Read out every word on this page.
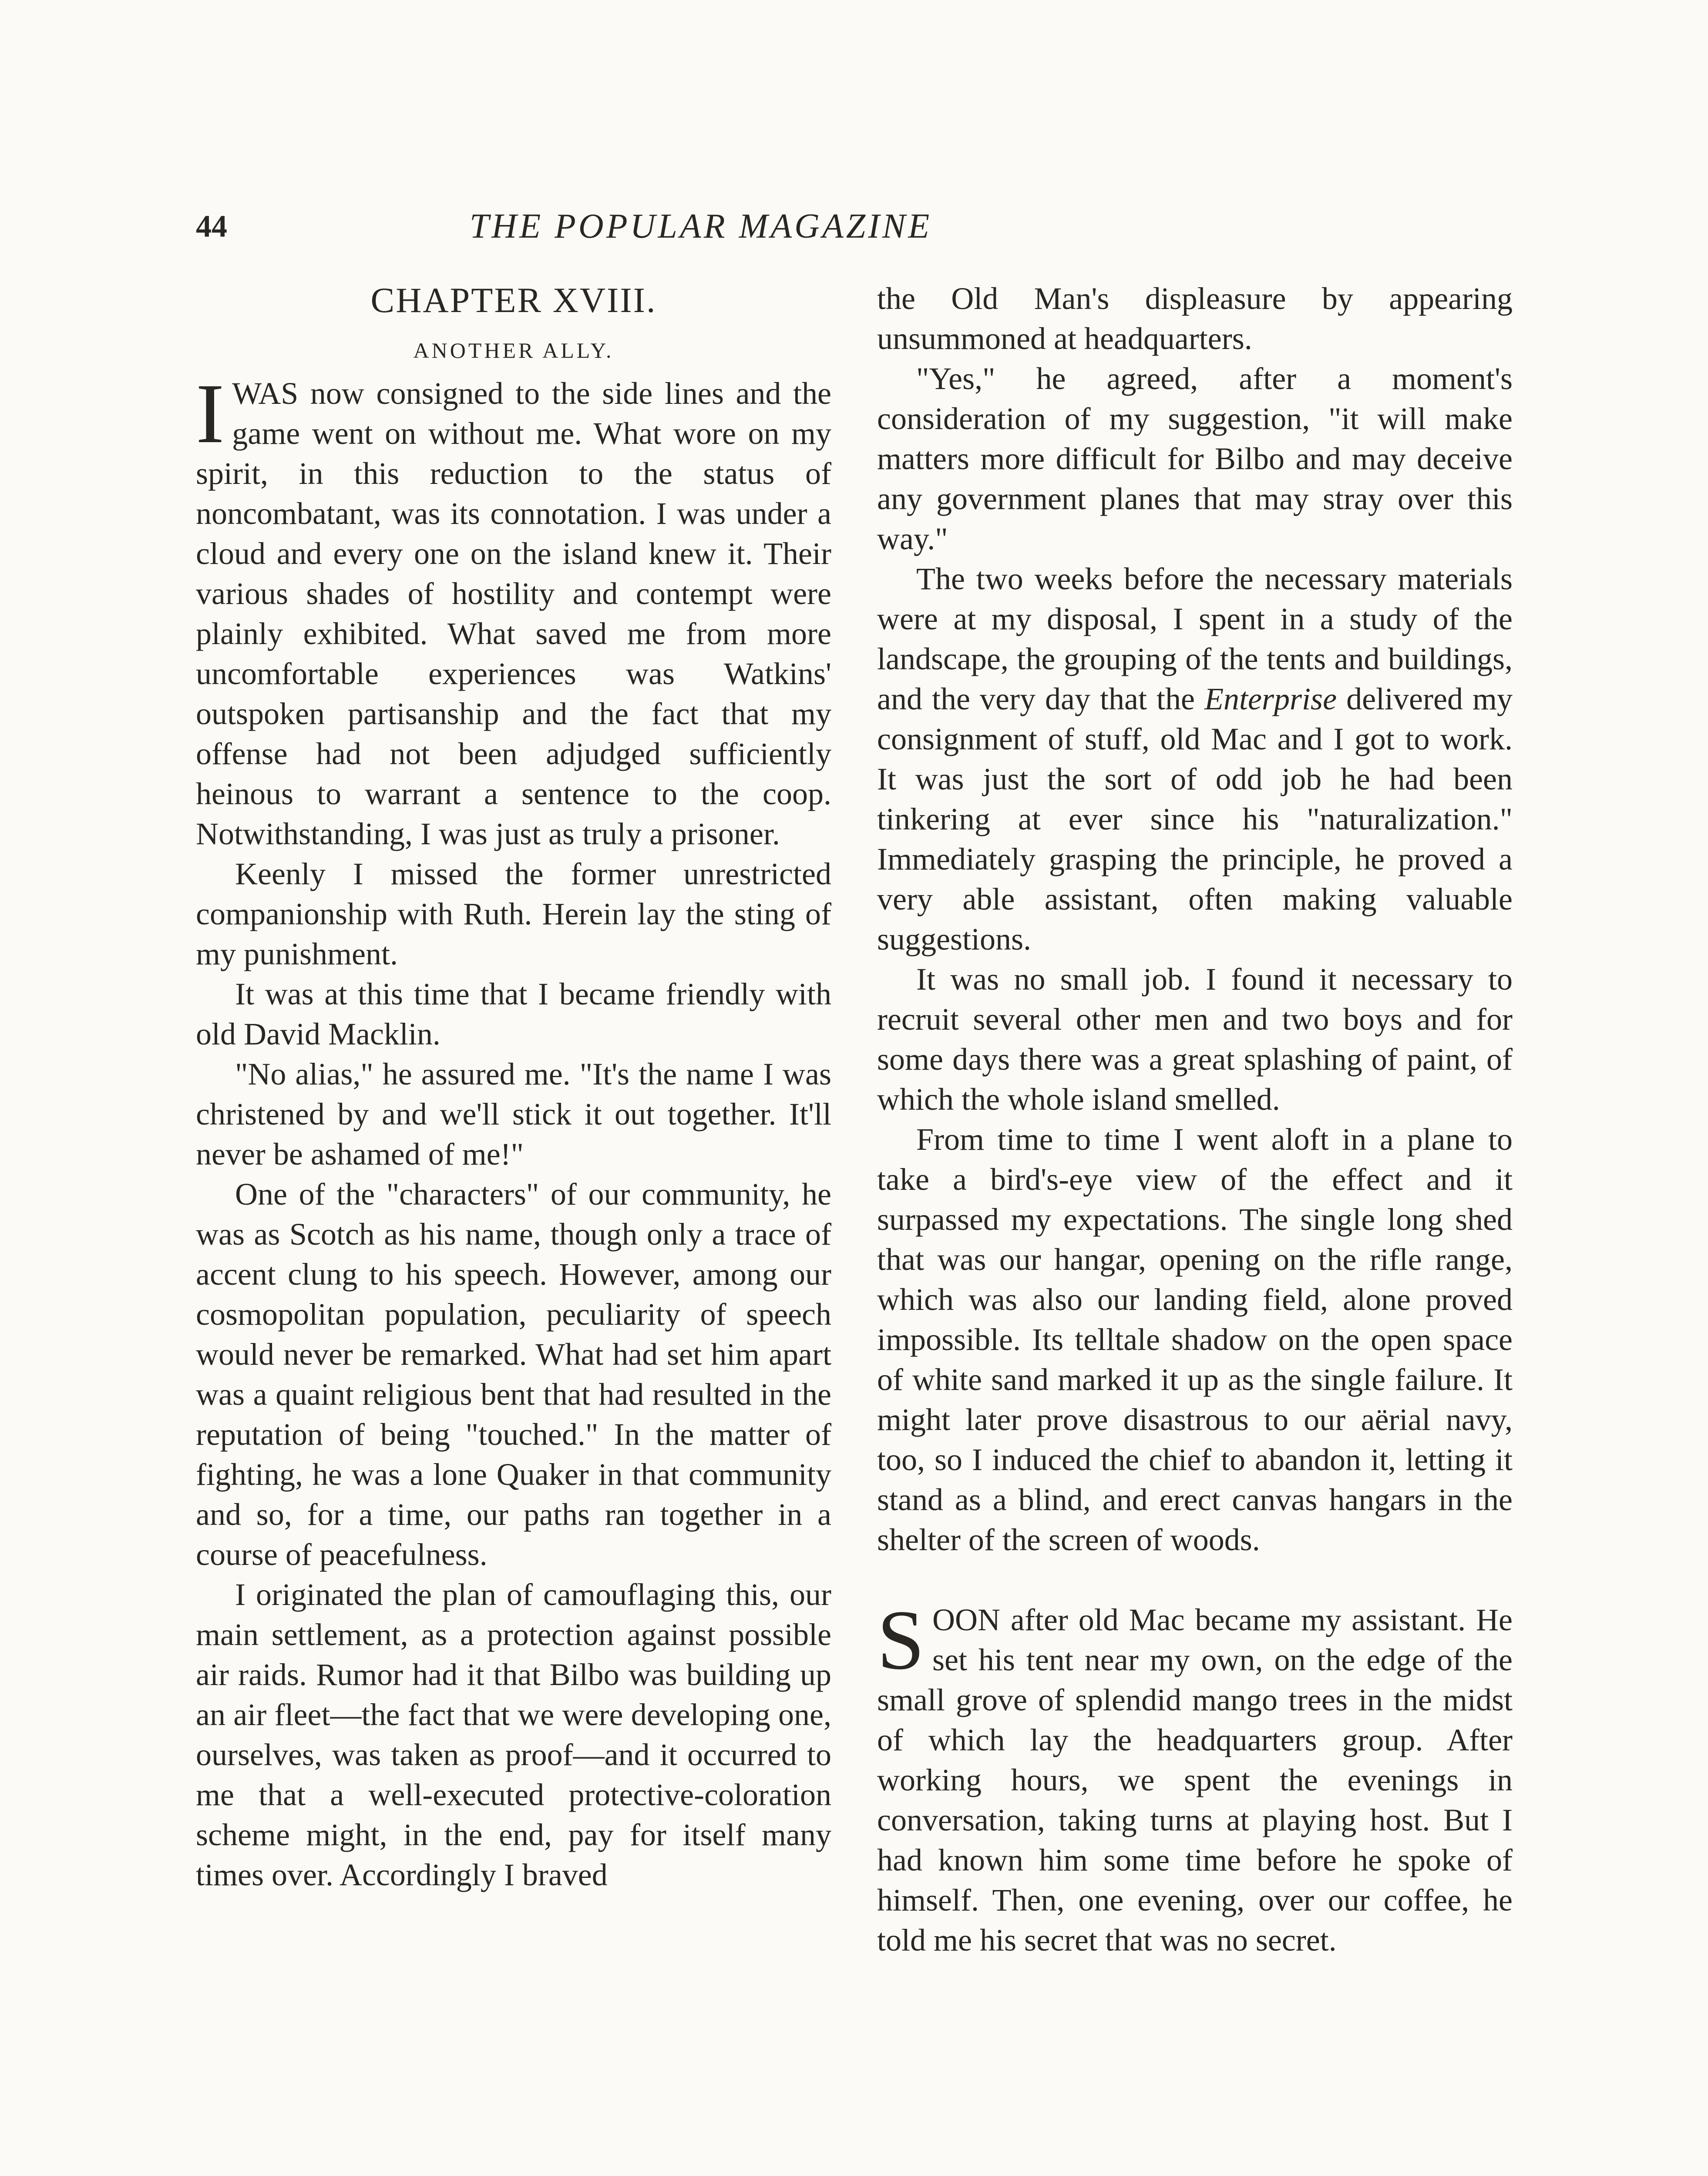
44	THE POPULAR MAGAZINE
CHAPTER XVIII.
ANOTHER ALLY.

IWAS now consigned to the side lines and the game went on without me. What wore on my spirit, in this reduction to the status of noncombatant, was its connotation. I was under a cloud and every one on the island knew it. Their various shades of hostility and contempt were plainly exhibited. What saved me from more uncomfortable experiences was Watkins' outspoken partisanship and the fact that my offense had not been adjudged sufficiently heinous to warrant a sentence to the coop. Notwithstanding, I was just as truly a prisoner.

Keenly I missed the former unrestricted companionship with Ruth. Herein lay the sting of my punishment.

It was at this time that I became friendly with old David Macklin.

"No alias," he assured me. "It's the name I was christened by and we'll stick it out together. It'll never be ashamed of me!"

One of the "characters" of our community, he was as Scotch as his name, though only a trace of accent clung to his speech. However, among our cosmopolitan population, peculiarity of speech would never be remarked. What had set him apart was a quaint religious bent that had resulted in the reputation of being "touched." In the matter of fighting, he was a lone Quaker in that community and so, for a time, our paths ran together in a course of peacefulness.

I originated the plan of camouflaging this, our main settlement, as a protection against possible air raids. Rumor had it that Bilbo was building up an air fleet—the fact that we were developing one, ourselves, was taken as proof—and it occurred to me that a well-executed protective-coloration scheme might, in the end, pay for itself many times over. Accordingly I braved

the Old Man's displeasure by appearing unsummoned at headquarters.

"Yes," he agreed, after a moment's consideration of my suggestion, "it will make matters more difficult for Bilbo and may deceive any government planes that may stray over this way."

The two weeks before the necessary materials were at my disposal, I spent in a study of the landscape, the grouping of the tents and buildings, and the very day that the Enterprise delivered my consignment of stuff, old Mac and I got to work. It was just the sort of odd job he had been tinkering at ever since his "naturalization." Immediately grasping the principle, he proved a very able assistant, often making valuable suggestions.

It was no small job. I found it necessary to recruit several other men and two boys and for some days there was a great splashing of paint, of which the whole island smelled.

From time to time I went aloft in a plane to take a bird's-eye view of the effect and it surpassed my expectations. The single long shed that was our hangar, opening on the rifle range, which was also our landing field, alone proved impossible. Its telltale shadow on the open space of white sand marked it up as the single failure. It might later prove disastrous to our aërial navy, too, so I induced the chief to abandon it, letting it stand as a blind, and erect canvas hangars in the shelter of the screen of woods.

SOON after old Mac became my assistant. He set his tent near my own, on the edge of the small grove of splendid mango trees in the midst of which lay the headquarters group. After working hours, we spent the evenings in conversation, taking turns at playing host. But I had known him some time before he spoke of himself. Then, one evening, over our coffee, he told me his secret that was no secret.
